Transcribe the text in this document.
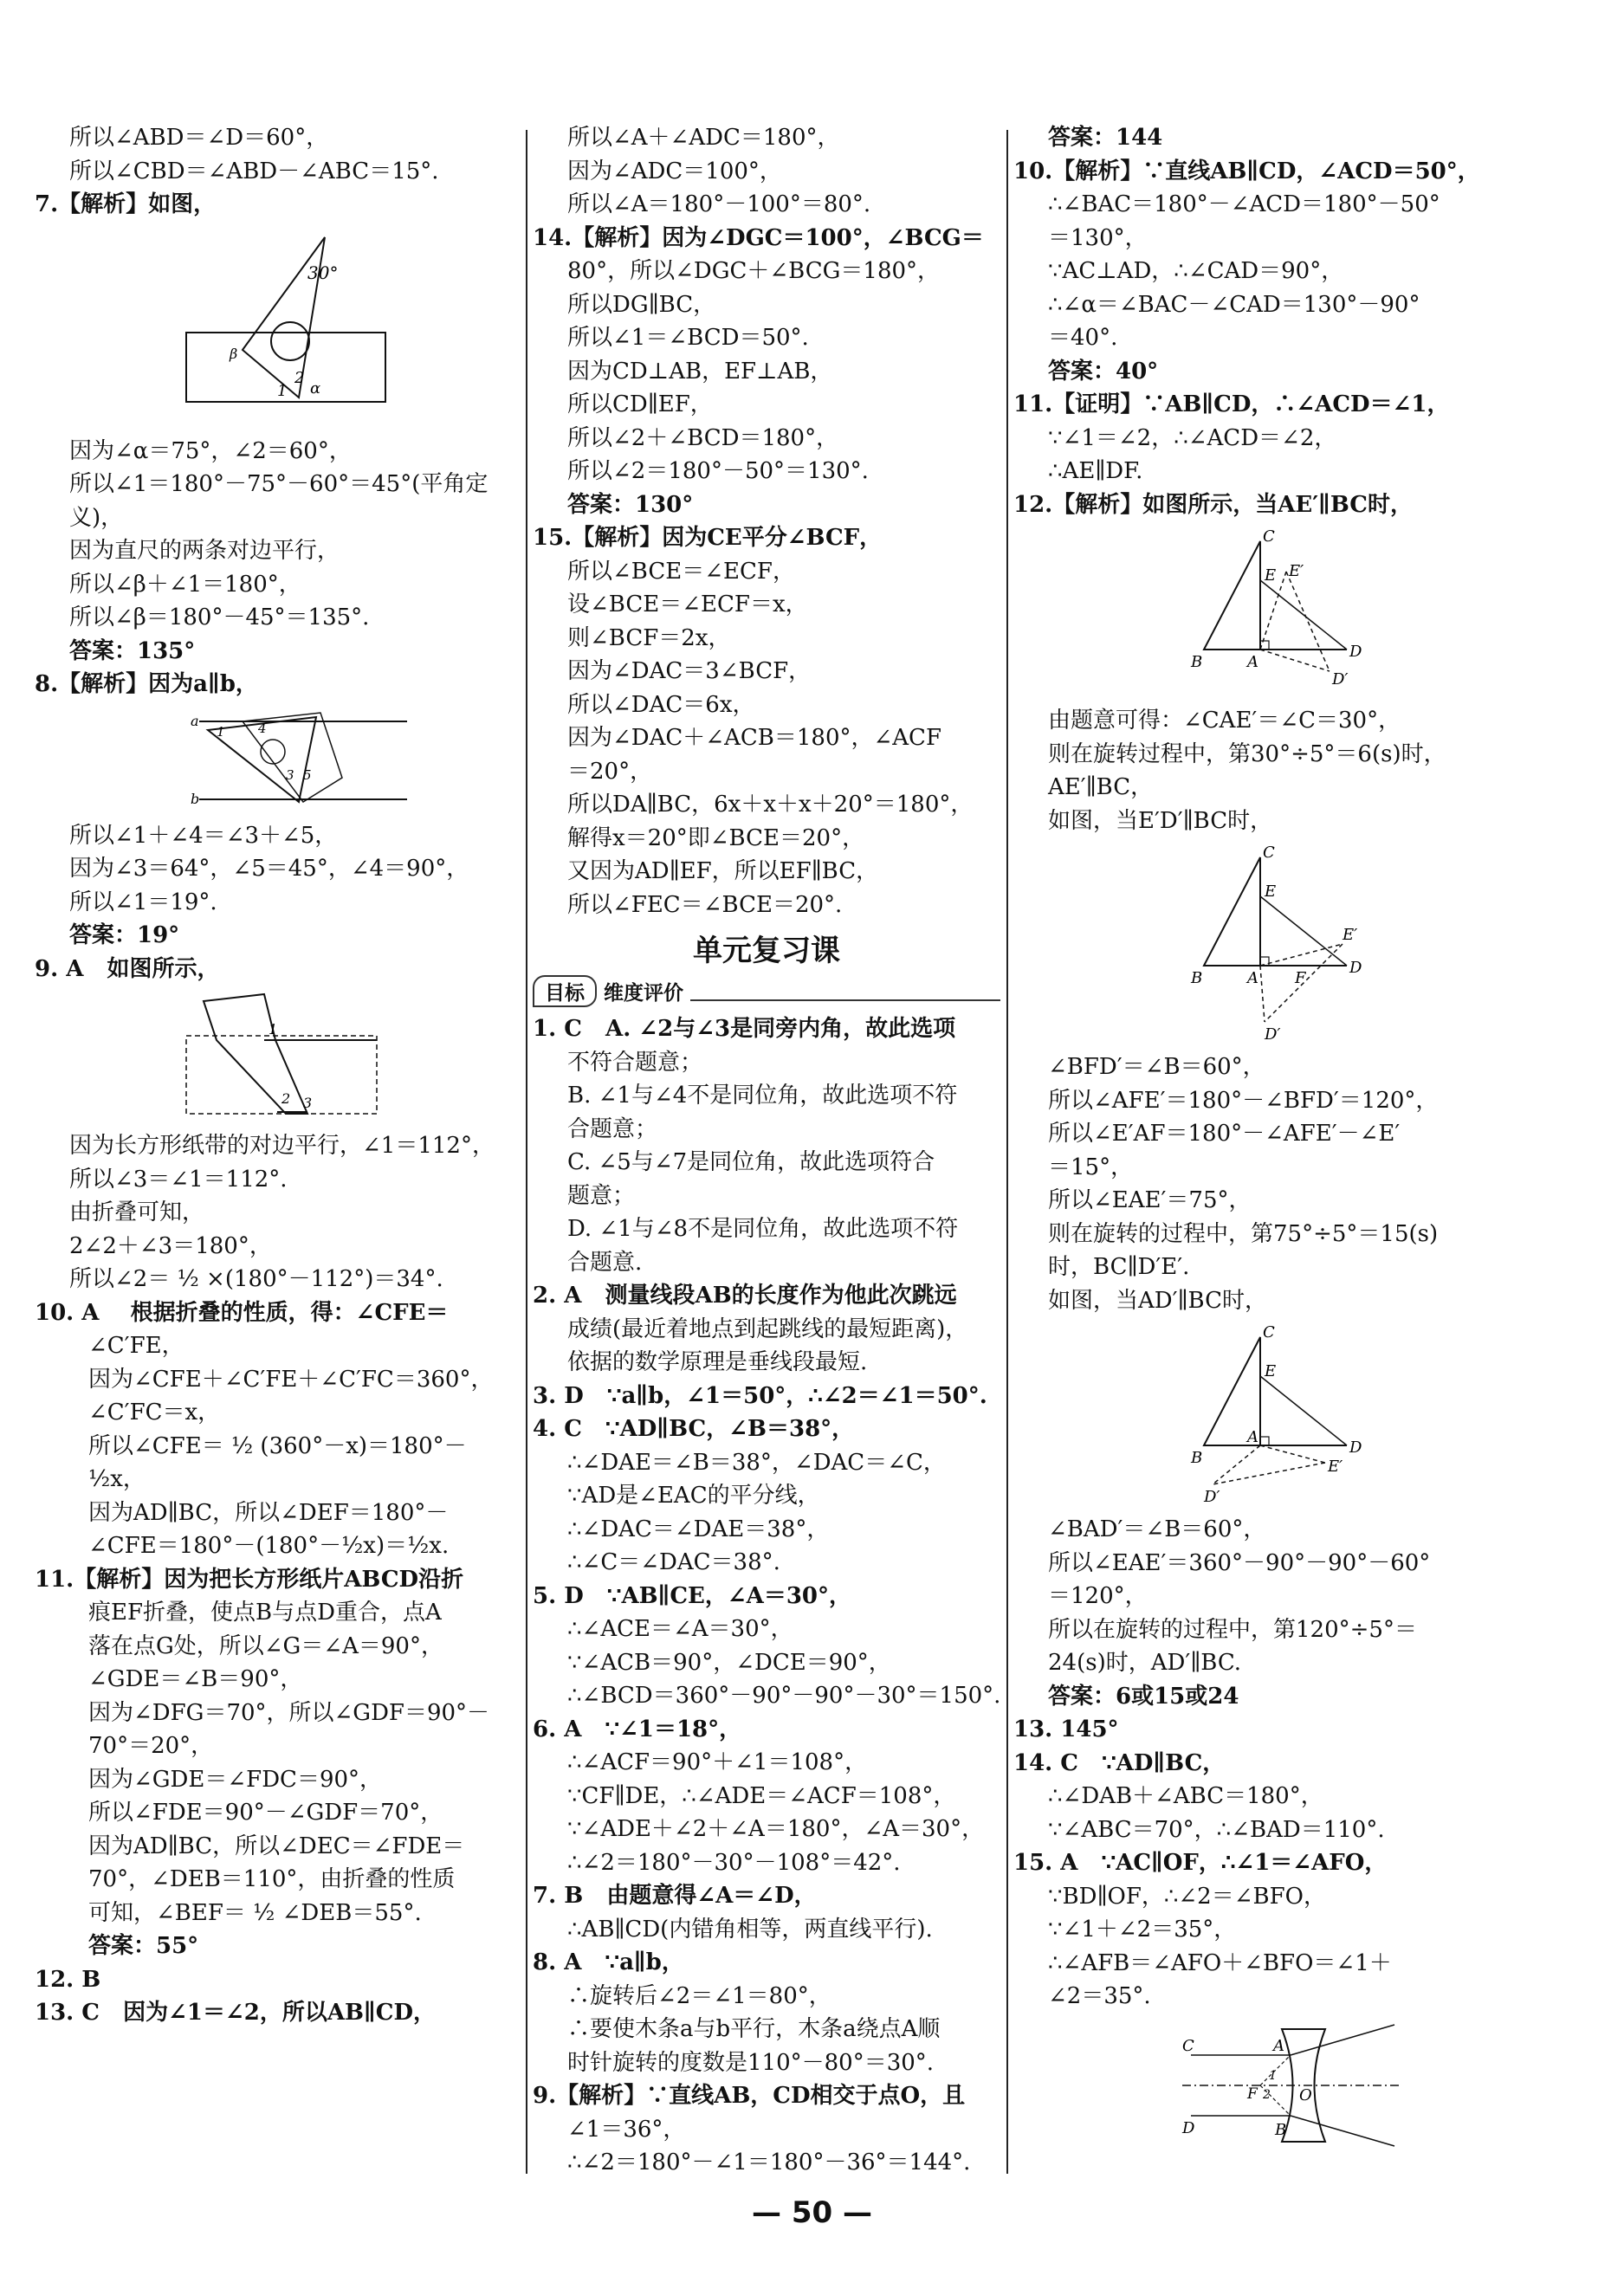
所以∠ABD＝∠D＝60°，
所以∠CBD＝∠ABD－∠ABC＝15°.
7.【解析】如图，
30°
β
1
2
α
因为∠α＝75°，∠2＝60°，
所以∠1＝180°－75°－60°＝45°(平角定
义)，
因为直尺的两条对边平行，
所以∠β＋∠1＝180°，
所以∠β＝180°－45°＝135°.
答案：135°
8.【解析】因为a∥b，
a
b
1	4
3 5
所以∠1＋∠4＝∠3＋∠5，
因为∠3＝64°，∠5＝45°，∠4＝90°，
所以∠1＝19°.
答案：19°
9. A   如图所示，
1
2 3
因为长方形纸带的对边平行，∠1＝112°，
所以∠3＝∠1＝112°.
由折叠可知，
2∠2＋∠3＝180°，
所以∠2＝ ½ ×(180°－112°)＝34°.
10. A    根据折叠的性质，得：∠CFE＝
∠C′FE，
因为∠CFE＋∠C′FE＋∠C′FC＝360°，
∠C′FC＝x，
所以∠CFE＝ ½ (360°－x)＝180°－
½x，
因为AD∥BC，所以∠DEF＝180°－
∠CFE＝180°－(180°－½x)＝½x.
11.【解析】因为把长方形纸片ABCD沿折
痕EF折叠，使点B与点D重合，点A
落在点G处，所以∠G＝∠A＝90°，
∠GDE＝∠B＝90°，
因为∠DFG＝70°，所以∠GDF＝90°－
70°＝20°，
因为∠GDE＝∠FDC＝90°，
所以∠FDE＝90°－∠GDF＝70°，
因为AD∥BC，所以∠DEC＝∠FDE＝
70°，∠DEB＝110°，由折叠的性质
可知，∠BEF＝ ½ ∠DEB＝55°.
答案：55°
12. B
13. C   因为∠1＝∠2，所以AB∥CD，
所以∠A＋∠ADC＝180°，
因为∠ADC＝100°，
所以∠A＝180°－100°＝80°.
14.【解析】因为∠DGC＝100°，∠BCG＝
80°，所以∠DGC＋∠BCG＝180°，
所以DG∥BC，
所以∠1＝∠BCD＝50°.
因为CD⊥AB，EF⊥AB，
所以CD∥EF，
所以∠2＋∠BCD＝180°，
所以∠2＝180°－50°＝130°.
答案：130°
15.【解析】因为CE平分∠BCF，
所以∠BCE＝∠ECF，
设∠BCE＝∠ECF＝x，
则∠BCF＝2x，
因为∠DAC＝3∠BCF，
所以∠DAC＝6x，
因为∠DAC＋∠ACB＝180°，∠ACF
＝20°，
所以DA∥BC，6x＋x＋x＋20°＝180°，
解得x＝20°即∠BCE＝20°，
又因为AD∥EF，所以EF∥BC，
所以∠FEC＝∠BCE＝20°.
单元复习课
目标 维度评价
1. C   A. ∠2与∠3是同旁内角，故此选项
不符合题意；
B. ∠1与∠4不是同位角，故此选项不符
合题意；
C. ∠5与∠7是同位角，故此选项符合
题意；
D. ∠1与∠8不是同位角，故此选项不符
合题意.
2. A   测量线段AB的长度作为他此次跳远
成绩(最近着地点到起跳线的最短距离)，
依据的数学原理是垂线段最短.
3. D   ∵a∥b，∠1＝50°，∴∠2＝∠1＝50°.
4. C   ∵AD∥BC，∠B＝38°，
∴∠DAE＝∠B＝38°，∠DAC＝∠C，
∵AD是∠EAC的平分线，
∴∠DAC＝∠DAE＝38°，
∴∠C＝∠DAC＝38°.
5. D   ∵AB∥CE，∠A＝30°，
∴∠ACE＝∠A＝30°，
∵∠ACB＝90°，∠DCE＝90°，
∴∠BCD＝360°－90°－90°－30°＝150°.
6. A   ∵∠1＝18°，
∴∠ACF＝90°＋∠1＝108°，
∵CF∥DE，∴∠ADE＝∠ACF＝108°，
∵∠ADE＋∠2＋∠A＝180°，∠A＝30°，
∴∠2＝180°－30°－108°＝42°.
7. B   由题意得∠A＝∠D，
∴AB∥CD(内错角相等，两直线平行).
8. A   ∵a∥b，
∴旋转后∠2＝∠1＝80°，
∴要使木条a与b平行，木条a绕点A顺
时针旋转的度数是110°－80°＝30°.
9.【解析】∵直线AB，CD相交于点O，且
∠1＝36°，
∴∠2＝180°－∠1＝180°－36°＝144°.
答案：144
10.【解析】∵直线AB∥CD，∠ACD＝50°，
∴∠BAC＝180°－∠ACD＝180°－50°
＝130°，
∵AC⊥AD，∴∠CAD＝90°，
∴∠α＝∠BAC－∠CAD＝130°－90°
＝40°.
答案：40°
11.【证明】∵AB∥CD，∴∠ACD＝∠1，
∵∠1＝∠2，∴∠ACD＝∠2，
∴AE∥DF.
12.【解析】如图所示，当AE′∥BC时，
C
E E′
B	A
D
D′
由题意可得：∠CAE′＝∠C＝30°，
则在旋转过程中，第30°÷5°＝6(s)时，
AE′∥BC，
如图，当E′D′∥BC时，
C
E
E′
B	A F
D
D′
∠BFD′＝∠B＝60°，
所以∠AFE′＝180°－∠BFD′＝120°，
所以∠E′AF＝180°－∠AFE′－∠E′
＝15°，
所以∠EAE′＝75°，
则在旋转的过程中，第75°÷5°＝15(s)
时，BC∥D′E′.
如图，当AD′∥BC时，
C
E
B
A
D
E′
D′
∠BAD′＝∠B＝60°，
所以∠EAE′＝360°－90°－90°－60°
＝120°，
所以在旋转的过程中，第120°÷5°＝
24(s)时，AD′∥BC.
答案：6或15或24
13. 145°
14. C   ∵AD∥BC，
∴∠DAB＋∠ABC＝180°，
∵∠ABC＝70°，∴∠BAD＝110°.
15. A   ∵AC∥OF，∴∠1＝∠AFO，
∵BD∥OF，∴∠2＝∠BFO，
∵∠1＋∠2＝35°，
∴∠AFB＝∠AFO＋∠BFO＝∠1＋
∠2＝35°.
C	A
F
1
2 O
D	B
— 50 —
